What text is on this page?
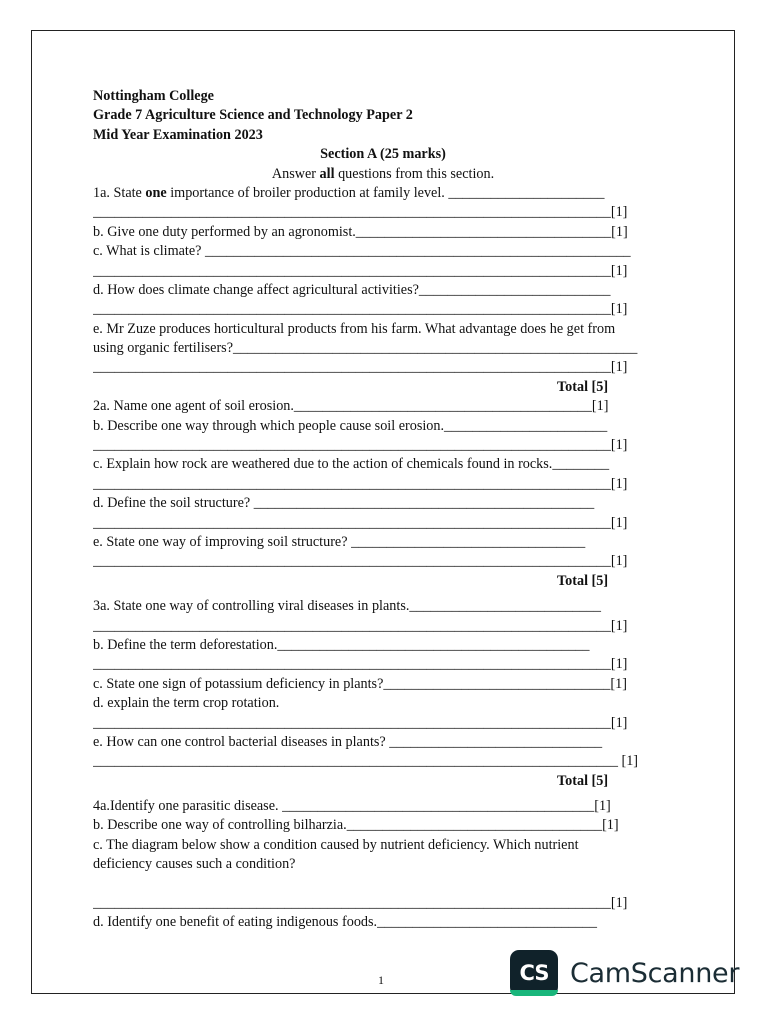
Nottingham College
Grade 7 Agriculture Science and Technology Paper 2
Mid Year Examination 2023
Section A (25 marks)
Answer all questions from this section.
1a. State one importance of broiler production at family level. ______________________
_________________________________________________________________________[1]
b. Give one duty performed by an agronomist.____________________________________[1]
c. What is climate? ____________________________________________________________
_________________________________________________________________________[1]
d. How does climate change affect agricultural activities?___________________________
_________________________________________________________________________[1]
e. Mr Zuze produces horticultural products from his farm. What advantage does he get from
using organic fertilisers?_________________________________________________________
_________________________________________________________________________[1]
Total [5]
2a. Name one agent of soil erosion.__________________________________________[1]
b. Describe one way through which people cause soil erosion._______________________
_________________________________________________________________________[1]
c. Explain how rock are weathered due to the action of chemicals found in rocks.________
_________________________________________________________________________[1]
d. Define the soil structure? ________________________________________________
_________________________________________________________________________[1]
e. State one way of improving soil structure? _________________________________
_________________________________________________________________________[1]
Total [5]
3a. State one way of controlling viral diseases in plants.___________________________
_________________________________________________________________________[1]
b. Define the term deforestation.____________________________________________
_________________________________________________________________________[1]
c. State one sign of potassium deficiency in plants?________________________________[1]
d. explain the term crop rotation.
_________________________________________________________________________[1]
e. How can one control bacterial diseases in plants? ______________________________
__________________________________________________________________________ [1]
Total [5]
4a.Identify one parasitic disease. ____________________________________________[1]
b. Describe one way of controlling bilharzia.____________________________________[1]
c. The diagram below show a condition caused by nutrient deficiency. Which nutrient
deficiency causes such a condition?
_________________________________________________________________________[1]
d. Identify one benefit of eating indigenous foods._______________________________
1	CS CamScanner
